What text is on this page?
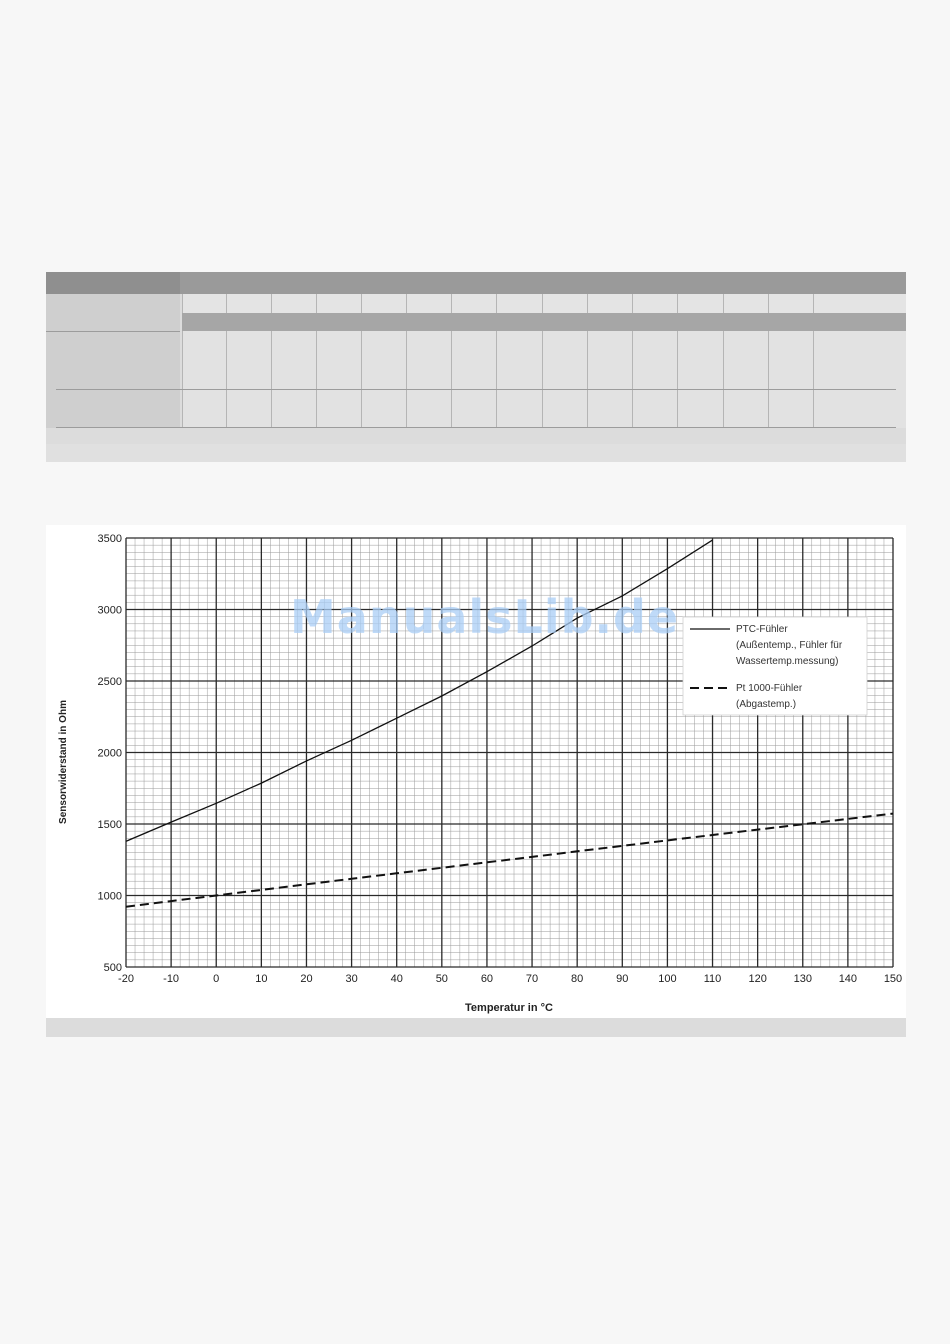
-20	-10	0	10	20	30	40	50	60	70	80	90	100 110 120 130 140 150
500
1000
1500
2000
2500
3000
3500
PTC-Fühler
(Außentemp., Fühler für
Wassertemp.messung)
Pt 1000-Fühler
(Abgastemp.)
Temperatur in °C
Sensorwiderstand in Ohm
ManualsLib.de
